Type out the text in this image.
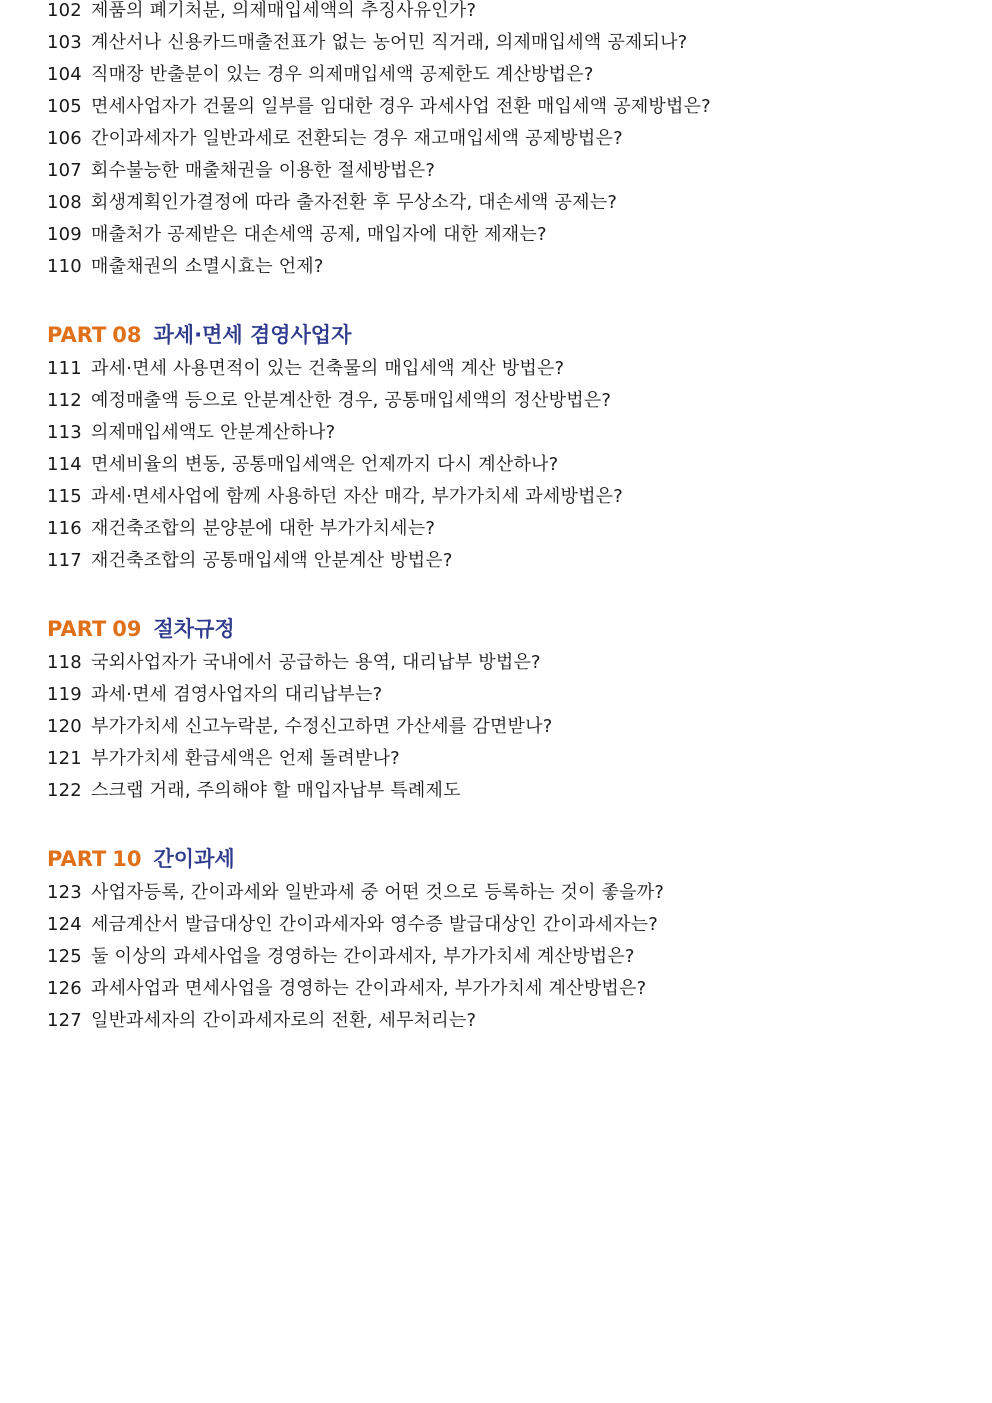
102 제품의 폐기처분, 의제매입세액의 추징사유인가?
103 계산서나 신용카드매출전표가 없는 농어민 직거래, 의제매입세액 공제되나?
104 직매장 반출분이 있는 경우 의제매입세액 공제한도 계산방법은?
105 면세사업자가 건물의 일부를 임대한 경우 과세사업 전환 매입세액 공제방법은?
106 간이과세자가 일반과세로 전환되는 경우 재고매입세액 공제방법은?
107 회수불능한 매출채권을 이용한 절세방법은?
108 회생계획인가결정에 따라 출자전환 후 무상소각, 대손세액 공제는?
109 매출처가 공제받은 대손세액 공제, 매입자에 대한 제재는?
110 매출채권의 소멸시효는 언제?
PART 08 과세·면세 겸영사업자
111 과세·면세 사용면적이 있는 건축물의 매입세액 계산 방법은?
112 예정매출액 등으로 안분계산한 경우, 공통매입세액의 정산방법은?
113 의제매입세액도 안분계산하나?
114 면세비율의 변동, 공통매입세액은 언제까지 다시 계산하나?
115 과세·면세사업에 함께 사용하던 자산 매각, 부가가치세 과세방법은?
116 재건축조합의 분양분에 대한 부가가치세는?
117 재건축조합의 공통매입세액 안분계산 방법은?
PART 09 절차규정
118 국외사업자가 국내에서 공급하는 용역, 대리납부 방법은?
119 과세·면세 겸영사업자의 대리납부는?
120 부가가치세 신고누락분, 수정신고하면 가산세를 감면받나?
121 부가가치세 환급세액은 언제 돌려받나?
122 스크랩 거래, 주의해야 할 매입자납부 특례제도
PART 10 간이과세
123 사업자등록, 간이과세와 일반과세 중 어떤 것으로 등록하는 것이 좋을까?
124 세금계산서 발급대상인 간이과세자와 영수증 발급대상인 간이과세자는?
125 둘 이상의 과세사업을 경영하는 간이과세자, 부가가치세 계산방법은?
126 과세사업과 면세사업을 경영하는 간이과세자, 부가가치세 계산방법은?
127 일반과세자의 간이과세자로의 전환, 세무처리는?
